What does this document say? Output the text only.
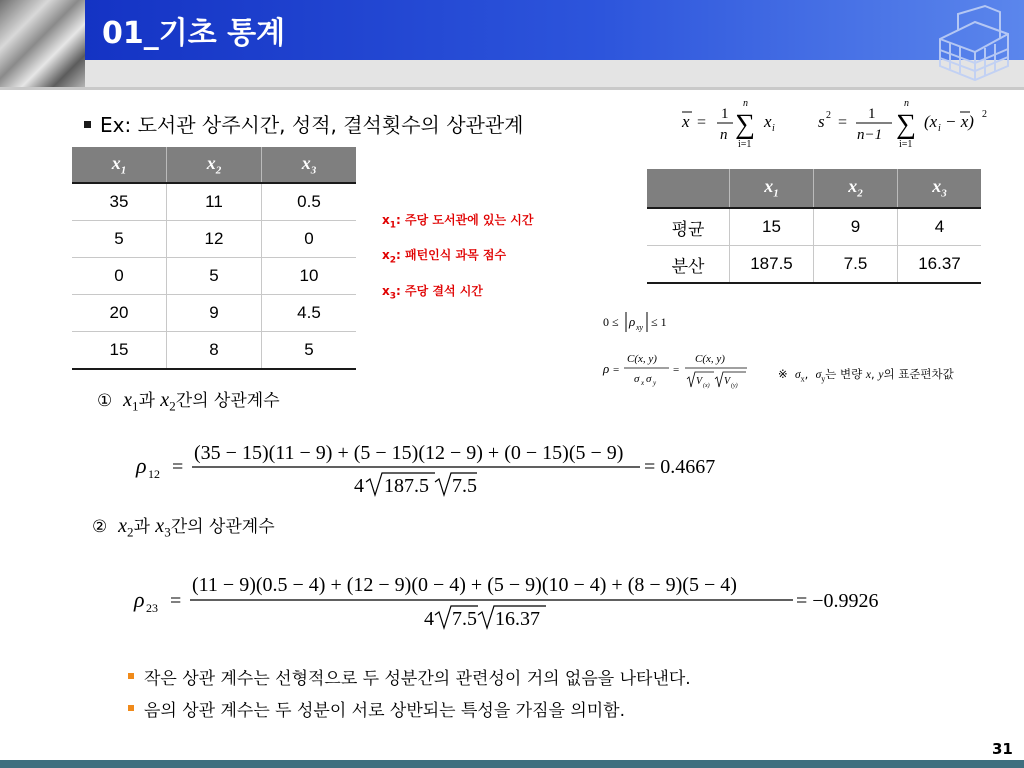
01_기초 통계
Ex: 도서관 상주시간, 성적, 결석횟수의 상관관계
$x_1$	$x_2$	$x_3$
35	11	0.5
5	12	0
0	5	10
20	9	4.5
15	8	5
$x_1$: 주당 도서관에 있는 시간
$x_2$: 패턴인식 과목 점수
$x_3$: 주당 결석 시간
x = 1
n
n
∑
i=1
x i	s 2 = 1
n−1
n
∑
i=1
(x i − x) 2
	$x_1$	$x_2$	$x_3$
평균	15	9	4
분산	187.5	7.5	16.37
0 ≤ ρ xy ≤ 1
ρ =
C(x, y)
σ x σ y
=
C(x, y)
V (x) V (y)
※ $\sigma_x$, $\sigma_y$는 변량 x, y의 표준편차값
① $x_1$과 $x_2$간의 상관계수
ρ 12 =
(35 − 15)(11 − 9) + (5 − 15)(12 − 9) + (0 − 15)(5 − 9)
4 187.5 7.5
= 0.4667
② $x_2$과 $x_3$간의 상관계수
ρ 23 =
(11 − 9)(0.5 − 4) + (12 − 9)(0 − 4) + (5 − 9)(10 − 4) + (8 − 9)(5 − 4)
4 7.5 16.37
= −0.9926
작은 상관 계수는 선형적으로 두 성분간의 관련성이 거의 없음을 나타낸다.
음의 상관 계수는 두 성분이 서로 상반되는 특성을 가짐을 의미함.
31
